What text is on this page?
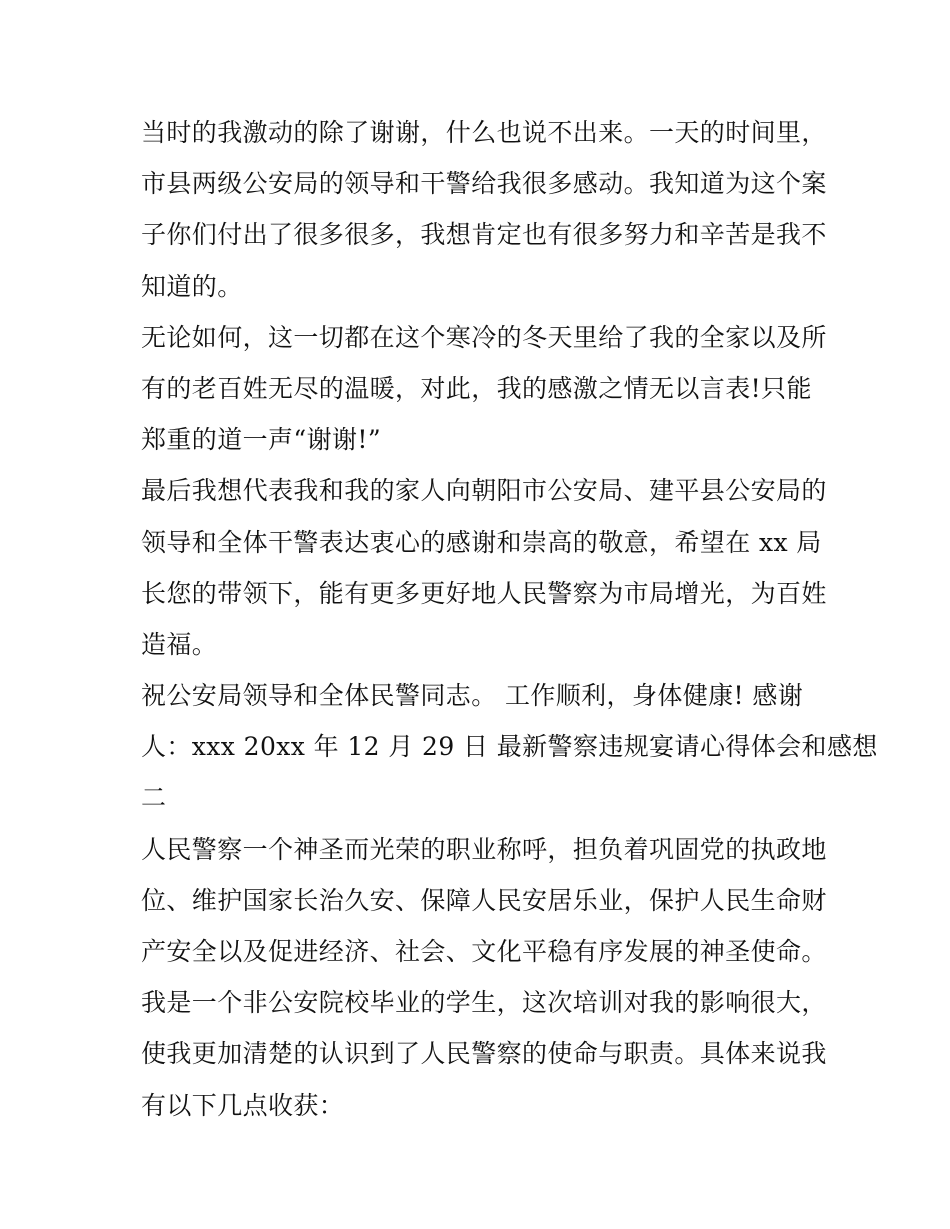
当时的我激动的除了谢谢，什么也说不出来。一天的时间里，
市县两级公安局的领导和干警给我很多感动。我知道为这个案
子你们付出了很多很多，我想肯定也有很多努力和辛苦是我不
知道的。
无论如何，这一切都在这个寒冷的冬天里给了我的全家以及所
有的老百姓无尽的温暖，对此，我的感激之情无以言表!只能
郑重的道一声“谢谢!”
最后我想代表我和我的家人向朝阳市公安局、建平县公安局的
领导和全体干警表达衷心的感谢和崇高的敬意，希望在 xx 局
长您的带领下，能有更多更好地人民警察为市局增光，为百姓
造福。
祝公安局领导和全体民警同志。 工作顺利，身体健康! 感谢
人：xxx 20xx 年 12 月 29 日 最新警察违规宴请心得体会和感想
二
人民警察一个神圣而光荣的职业称呼，担负着巩固党的执政地
位、维护国家长治久安、保障人民安居乐业，保护人民生命财
产安全以及促进经济、社会、文化平稳有序发展的神圣使命。
我是一个非公安院校毕业的学生，这次培训对我的影响很大，
使我更加清楚的认识到了人民警察的使命与职责。具体来说我
有以下几点收获：
